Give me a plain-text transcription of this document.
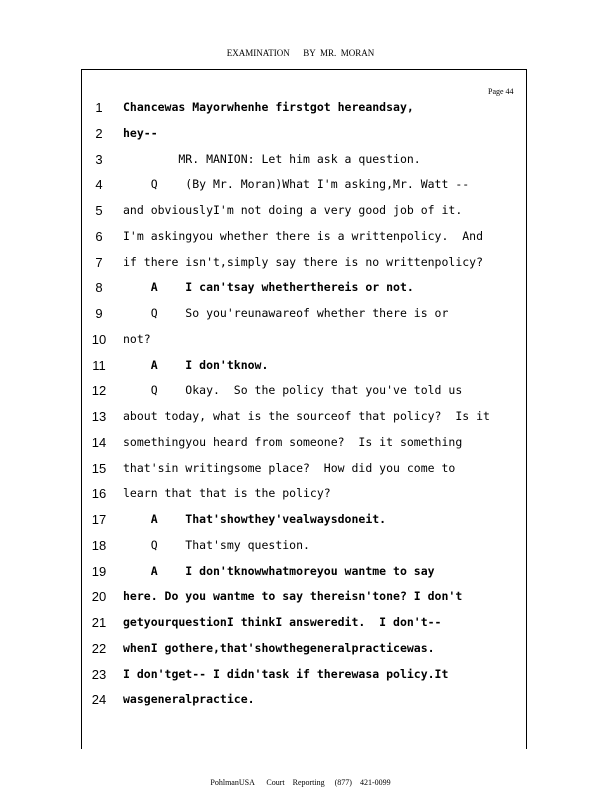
EXAMINATION      BY  MR.  MORAN
Page 44
1	Chancewas Mayorwhenhe firstgot hereandsay,
2	hey--
3	MR. MANION: Let him ask a question.
4	Q    (By Mr. Moran)What I'm asking,Mr. Watt --
5	and obviouslyI'm not doing a very good job of it.
6	I'm askingyou whether there is a writtenpolicy.  And
7	if there isn't,simply say there is no writtenpolicy?
8	A    I can'tsay whetherthereis or not.
9	Q    So you'reunawareof whether there is or
10	not?
11	A    I don'tknow.
12	Q    Okay.  So the policy that you've told us
13	about today, what is the sourceof that policy?  Is it
14	somethingyou heard from someone?  Is it something
15	that'sin writingsome place?  How did you come to
16	learn that that is the policy?
17	A    That'showthey'vealwaysdoneit.
18	Q    That'smy question.
19	A    I don'tknowwhatmoreyou wantme to say
20	here. Do you wantme to say thereisn'tone? I don't
21	getyourquestionI thinkI answeredit.  I don't--
22	whenI gothere,that'showthegeneralpracticewas.
23	I don'tget-- I didn'task if therewasa policy.It
24	wasgeneralpractice.
PohlmanUSA      Court    Reporting     (877)    421-0099
